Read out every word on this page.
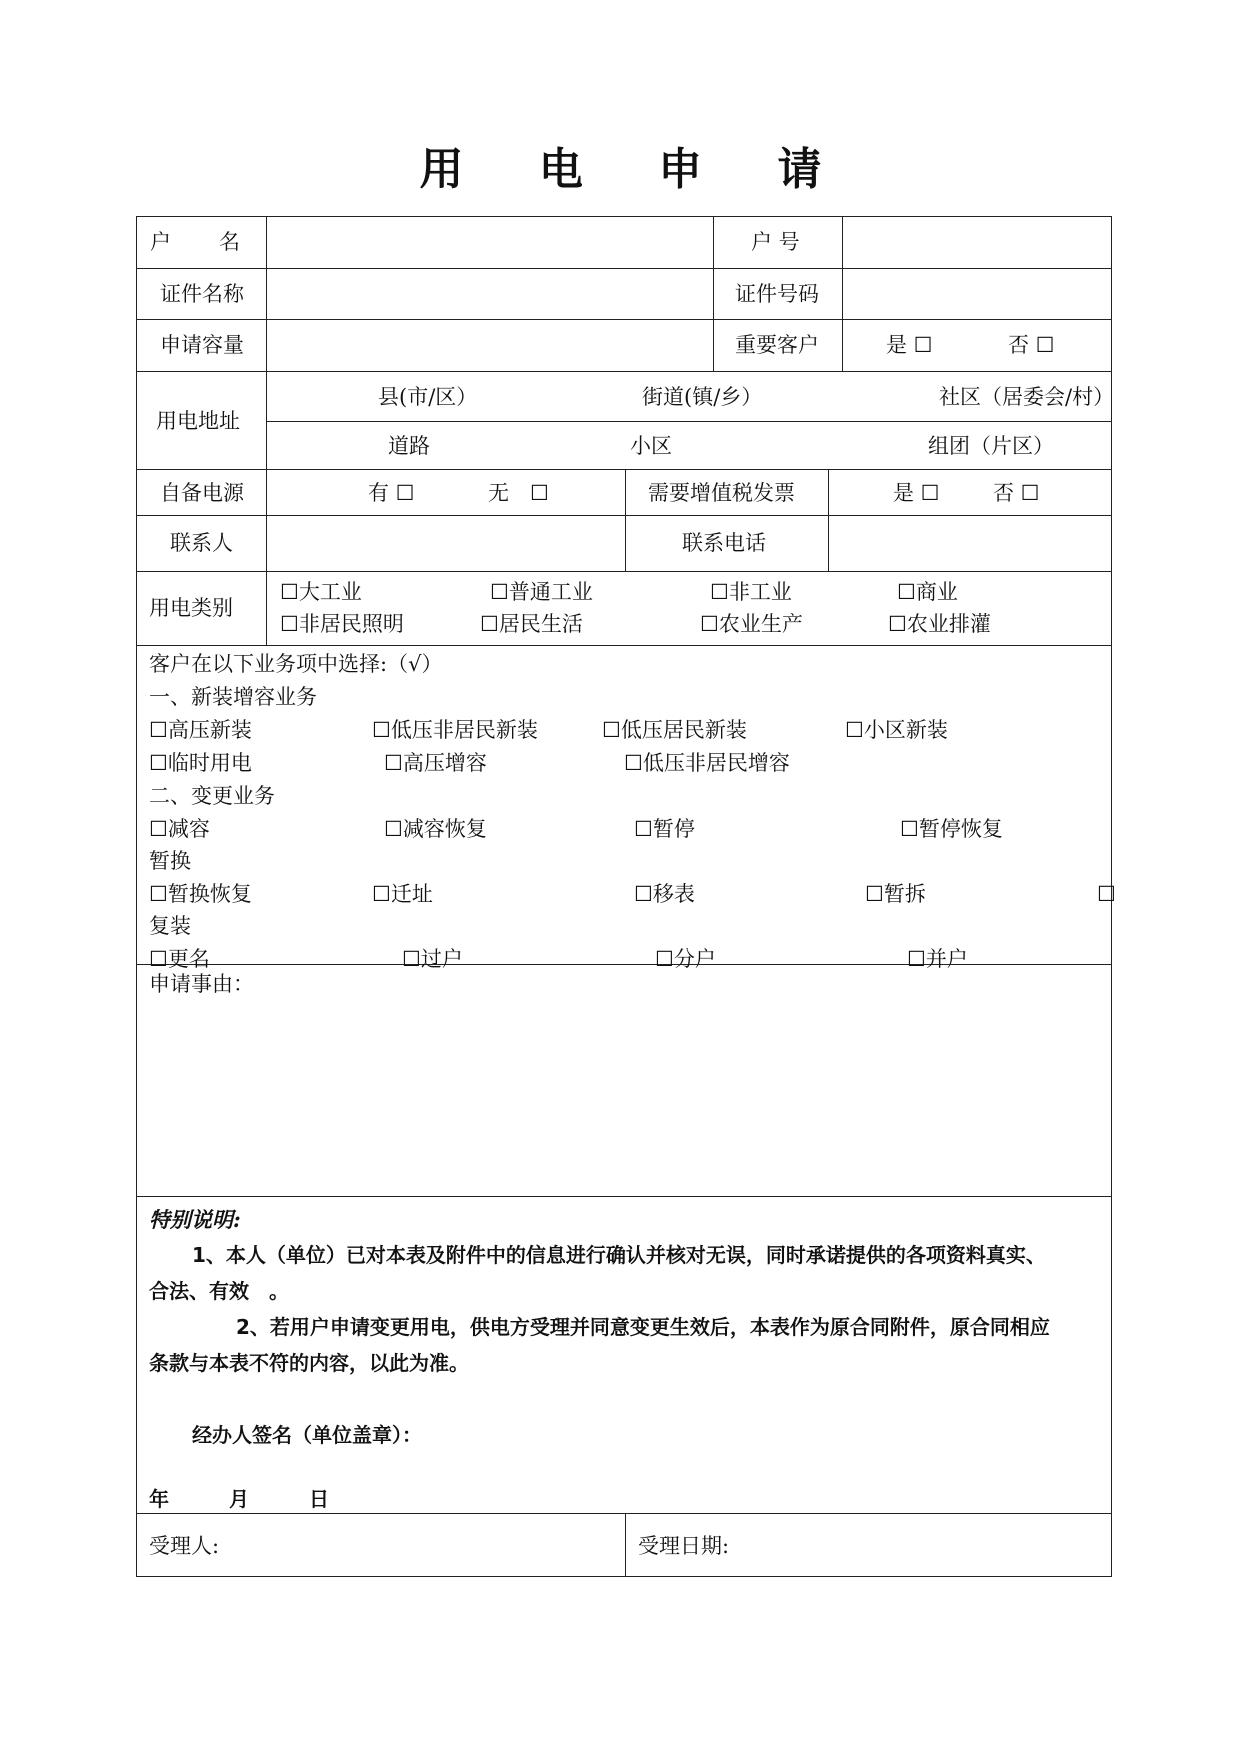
用 电 申 请
户　　名	户 号
证件名称	证件号码
申请容量	重要客户	是 ☐	否 ☐
用电地址
县(市/区）	街道(镇/乡）	社区（居委会/村）
道路	小区	组团（片区）
自备电源	有 ☐	无　☐	需要增值税发票	是 ☐	否 ☐
联系人	联系电话
用电类别
☐大工业	☐普通工业	☐非工业	☐商业
☐非居民照明	☐居民生活	☐农业生产	☐农业排灌
客户在以下业务项中选择:（√）
一、新装增容业务
☐高压新装	☐低压非居民新装	☐低压居民新装	☐小区新装
☐临时用电	☐高压增容	☐低压非居民增容
二、变更业务
☐减容	☐减容恢复	☐暂停	☐暂停恢复
暂换
☐暂换恢复	☐迁址	☐移表	☐暂拆	☐
复装
☐更名	☐过户	☐分户	☐并户
申请事由：
特别说明:
1、本人（单位）已对本表及附件中的信息进行确认并核对无误，同时承诺提供的各项资料真实、
合法、有效　。
2、若用户申请变更用电，供电方受理并同意变更生效后，本表作为原合同附件，原合同相应
条款与本表不符的内容，以此为准。
经办人签名（单位盖章）：
年　　　月　　　日
受理人:	受理日期:
